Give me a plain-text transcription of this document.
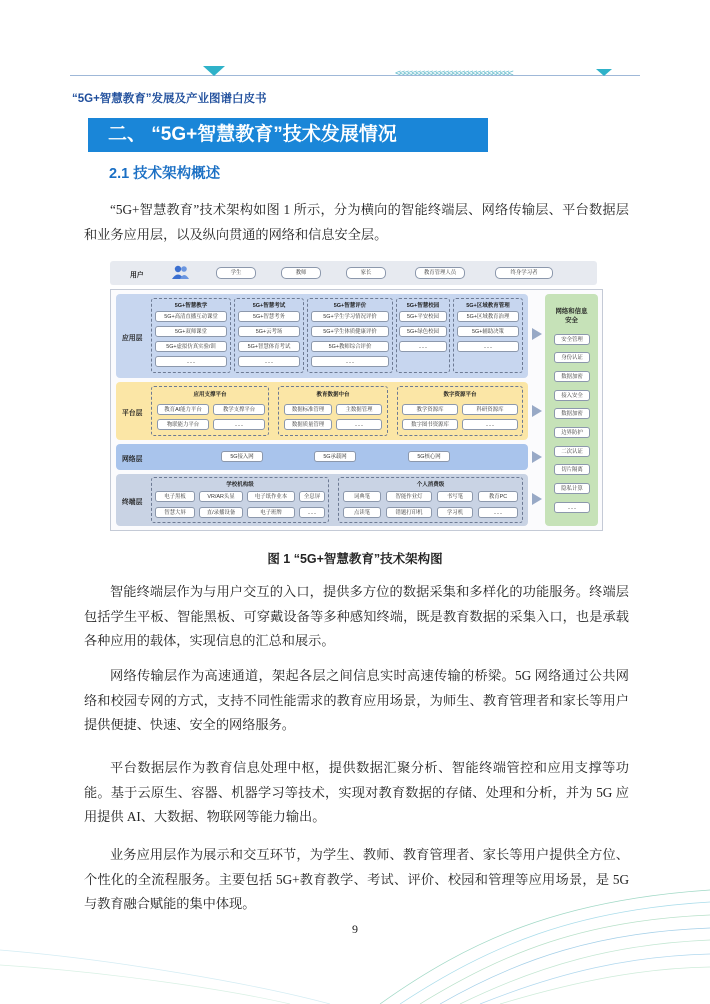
<<<<<<<<<<<<<<<<<<<<<<<<<<<<<
“5G+智慧教育”发展及产业图谱白皮书
二、 “5G+智慧教育”技术发展情况
2.1 技术架构概述

“5G+智慧教育”技术架构如图 1 所示，分为横向的智能终端层、网络传输层、平台数据层和业务应用层，以及纵向贯通的网络和信息安全层。

用户	学生	教师	家长	教育管理人员	终身学习者
应用层
5G+智慧教学
5G+高清直播互动课堂
5G+双师课堂
5G+虚拟仿真实验/训
......
5G+智慧考试
5G+智慧考务
5G+云考场
5G+智慧体育考试
......
5G+智慧评价
5G+学生学习情况评价
5G+学生体质健康评价
5G+教师综合评价
......
5G+智慧校园
5G+平安校园
5G+绿色校园
......
5G+区域教育管理
5G+区域教育治理
5G+辅助决策
......
平台层
应用支撑平台
教育AI能力平台	教学支撑平台
物联能力平台	......
教育数据中台
数据标准管理	主数据管理
数据质量管理	......
数字资源平台
教学资源库	科研资源库
数字图书资源库	......
网络层	5G接入网	5G承载网	5G核心网
终端层
学校机构级
电子黑板	VR/AR头显	电子纸作业本	全息屏
智慧大屏	直/录播设备	电子班牌	......
个人消费级
词典笔	智能作业灯	书写笔	教育PC
点读笔	错题打印机	学习机	......
网络和信息安全
安全管理
身份认证
数据加密
接入安全
数据加密
边界防护
二次认证
切片隔离
隐私计算
......
图 1 “5G+智慧教育”技术架构图

智能终端层作为与用户交互的入口，提供多方位的数据采集和多样化的功能服务。终端层包括学生平板、智能黑板、可穿戴设备等多种感知终端，既是教育数据的采集入口，也是承载各种应用的载体，实现信息的汇总和展示。

网络传输层作为高速通道，架起各层之间信息实时高速传输的桥梁。5G 网络通过公共网络和校园专网的方式，支持不同性能需求的教育应用场景，为师生、教育管理者和家长等用户提供便捷、快速、安全的网络服务。

平台数据层作为教育信息处理中枢，提供数据汇聚分析、智能终端管控和应用支撑等功能。基于云原生、容器、机器学习等技术，实现对教育数据的存储、处理和分析，并为 5G 应用提供 AI、大数据、物联网等能力输出。

业务应用层作为展示和交互环节，为学生、教师、教育管理者、家长等用户提供全方位、个性化的全流程服务。主要包括 5G+教育教学、考试、评价、校园和管理等应用场景，是 5G 与教育融合赋能的集中体现。

9
